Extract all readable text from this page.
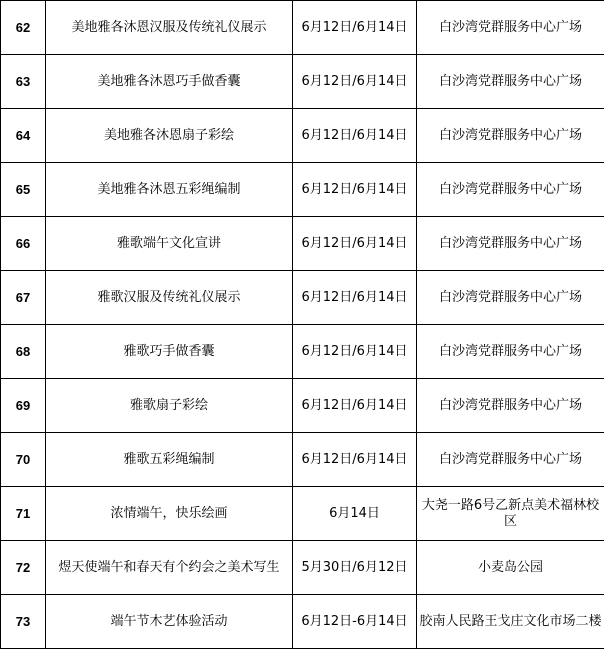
62	美地雅各沐恩汉服及传统礼仪展示	6月12日/6月14日	白沙湾党群服务中心广场
63	美地雅各沐恩巧手做香囊	6月12日/6月14日	白沙湾党群服务中心广场
64	美地雅各沐恩扇子彩绘	6月12日/6月14日	白沙湾党群服务中心广场
65	美地雅各沐恩五彩绳编制	6月12日/6月14日	白沙湾党群服务中心广场
66	雅歌端午文化宣讲	6月12日/6月14日	白沙湾党群服务中心广场
67	雅歌汉服及传统礼仪展示	6月12日/6月14日	白沙湾党群服务中心广场
68	雅歌巧手做香囊	6月12日/6月14日	白沙湾党群服务中心广场
69	雅歌扇子彩绘	6月12日/6月14日	白沙湾党群服务中心广场
70	雅歌五彩绳编制	6月12日/6月14日	白沙湾党群服务中心广场
71	浓情端午，快乐绘画	6月14日	大尧一路6号乙新点美术福林校区
72	煜天使端午和春天有个约会之美术写生	5月30日/6月12日	小麦岛公园
73	端午节木艺体验活动	6月12日-6月14日	胶南人民路王戈庄文化市场二楼
